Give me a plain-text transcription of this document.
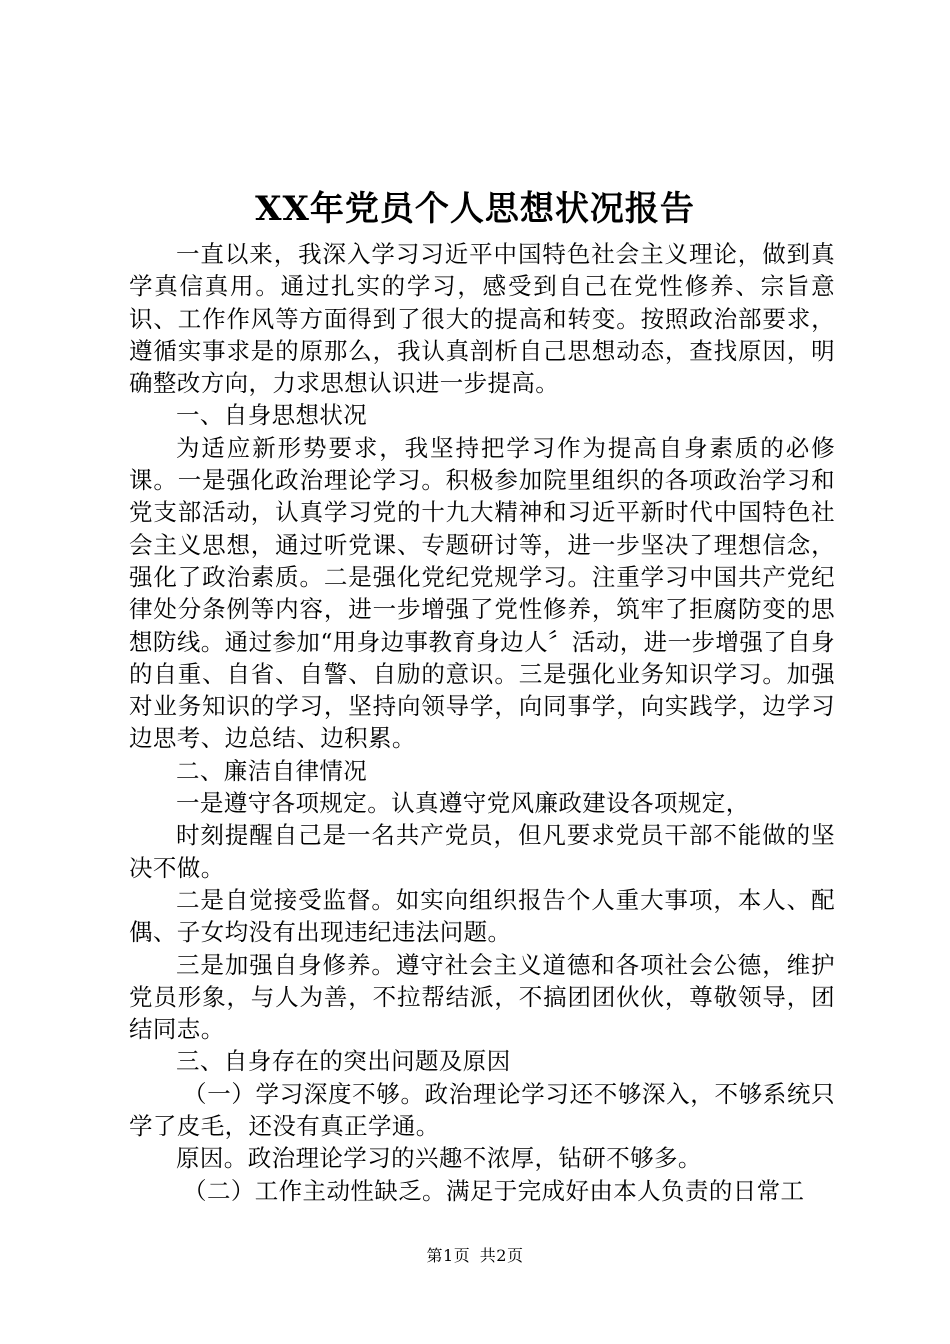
XX年党员个人思想状况报告

一直以来，我深入学习习近平中国特色社会主义理论，做到真学真信真用。通过扎实的学习，感受到自己在党性修养、宗旨意识、工作作风等方面得到了很大的提高和转变。按照政治部要求，遵循实事求是的原那么，我认真剖析自己思想动态，查找原因，明确整改方向，力求思想认识进一步提高。

一、自身思想状况

为适应新形势要求，我坚持把学习作为提高自身素质的必修课。一是强化政治理论学习。积极参加院里组织的各项政治学习和党支部活动，认真学习党的十九大精神和习近平新时代中国特色社会主义思想，通过听党课、专题研讨等，进一步坚决了理想信念，强化了政治素质。二是强化党纪党规学习。注重学习中国共产党纪律处分条例等内容，进一步增强了党性修养，筑牢了拒腐防变的思想防线。通过参加“用身边事教育身边人〞活动，进一步增强了自身的自重、自省、自警、自励的意识。三是强化业务知识学习。加强对业务知识的学习，坚持向领导学，向同事学，向实践学，边学习边思考、边总结、边积累。

二、廉洁自律情况

一是遵守各项规定。认真遵守党风廉政建设各项规定，

时刻提醒自己是一名共产党员，但凡要求党员干部不能做的坚决不做。

二是自觉接受监督。如实向组织报告个人重大事项，本人、配偶、子女均没有出现违纪违法问题。

三是加强自身修养。遵守社会主义道德和各项社会公德，维护党员形象，与人为善，不拉帮结派，不搞团团伙伙，尊敬领导，团结同志。

三、自身存在的突出问题及原因

（一）学习深度不够。政治理论学习还不够深入，不够系统只学了皮毛，还没有真正学通。

原因。政治理论学习的兴趣不浓厚，钻研不够多。

（二）工作主动性缺乏。满足于完成好由本人负责的日常工

第1页 共2页
